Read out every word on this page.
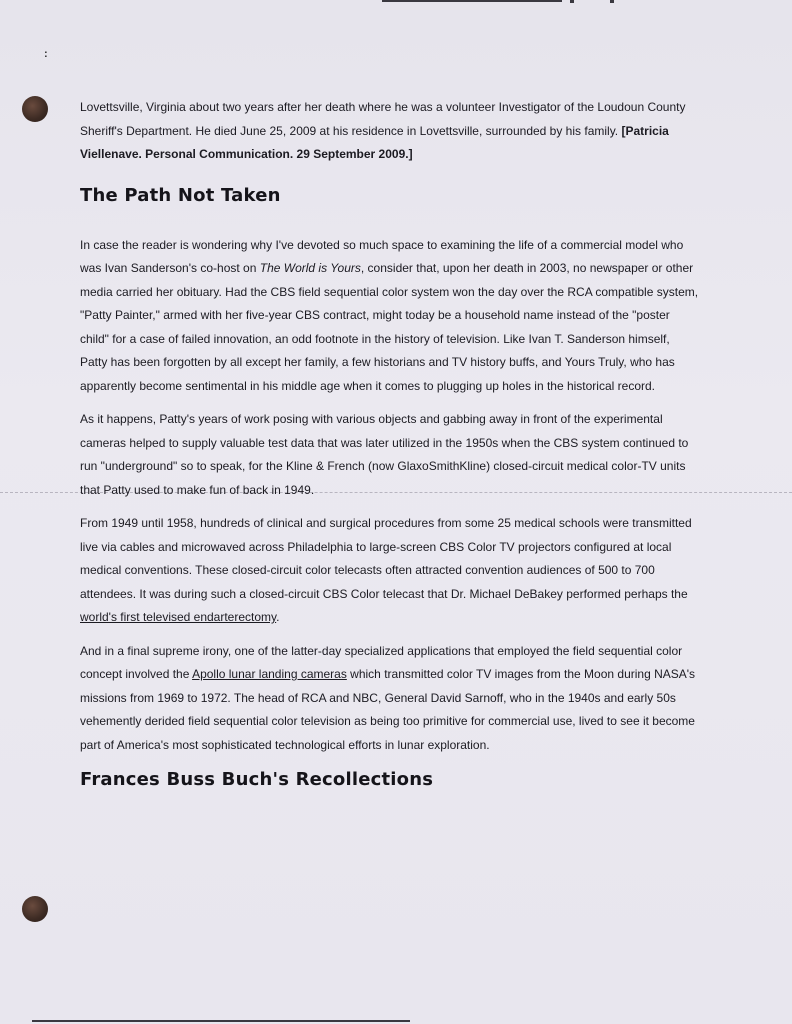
:

Lovettsville, Virginia about two years after her death where he was a volunteer Investigator of the Loudoun County Sheriff's Department. He died June 25, 2009 at his residence in Lovettsville, surrounded by his family. [Patricia Viellenave. Personal Communication. 29 September 2009.]

The Path Not Taken

In case the reader is wondering why I've devoted so much space to examining the life of a commercial model who was Ivan Sanderson's co-host on The World is Yours, consider that, upon her death in 2003, no newspaper or other media carried her obituary. Had the CBS field sequential color system won the day over the RCA compatible system, "Patty Painter," armed with her five-year CBS contract, might today be a household name instead of the "poster child" for a case of failed innovation, an odd footnote in the history of television. Like Ivan T. Sanderson himself, Patty has been forgotten by all except her family, a few historians and TV history buffs, and Yours Truly, who has apparently become sentimental in his middle age when it comes to plugging up holes in the historical record.

As it happens, Patty's years of work posing with various objects and gabbing away in front of the experimental cameras helped to supply valuable test data that was later utilized in the 1950s when the CBS system continued to run "underground" so to speak, for the Kline & French (now GlaxoSmithKline) closed-circuit medical color-TV units that Patty used to make fun of back in 1949.

From 1949 until 1958, hundreds of clinical and surgical procedures from some 25 medical schools were transmitted live via cables and microwaved across Philadelphia to large-screen CBS Color TV projectors configured at local medical conventions. These closed-circuit color telecasts often attracted convention audiences of 500 to 700 attendees. It was during such a closed-circuit CBS Color telecast that Dr. Michael DeBakey performed perhaps the world's first televised endarterectomy.

And in a final supreme irony, one of the latter-day specialized applications that employed the field sequential color concept involved the Apollo lunar landing cameras which transmitted color TV images from the Moon during NASA's missions from 1969 to 1972. The head of RCA and NBC, General David Sarnoff, who in the 1940s and early 50s vehemently derided field sequential color television as being too primitive for commercial use, lived to see it become part of America's most sophisticated technological efforts in lunar exploration.

Frances Buss Buch's Recollections
